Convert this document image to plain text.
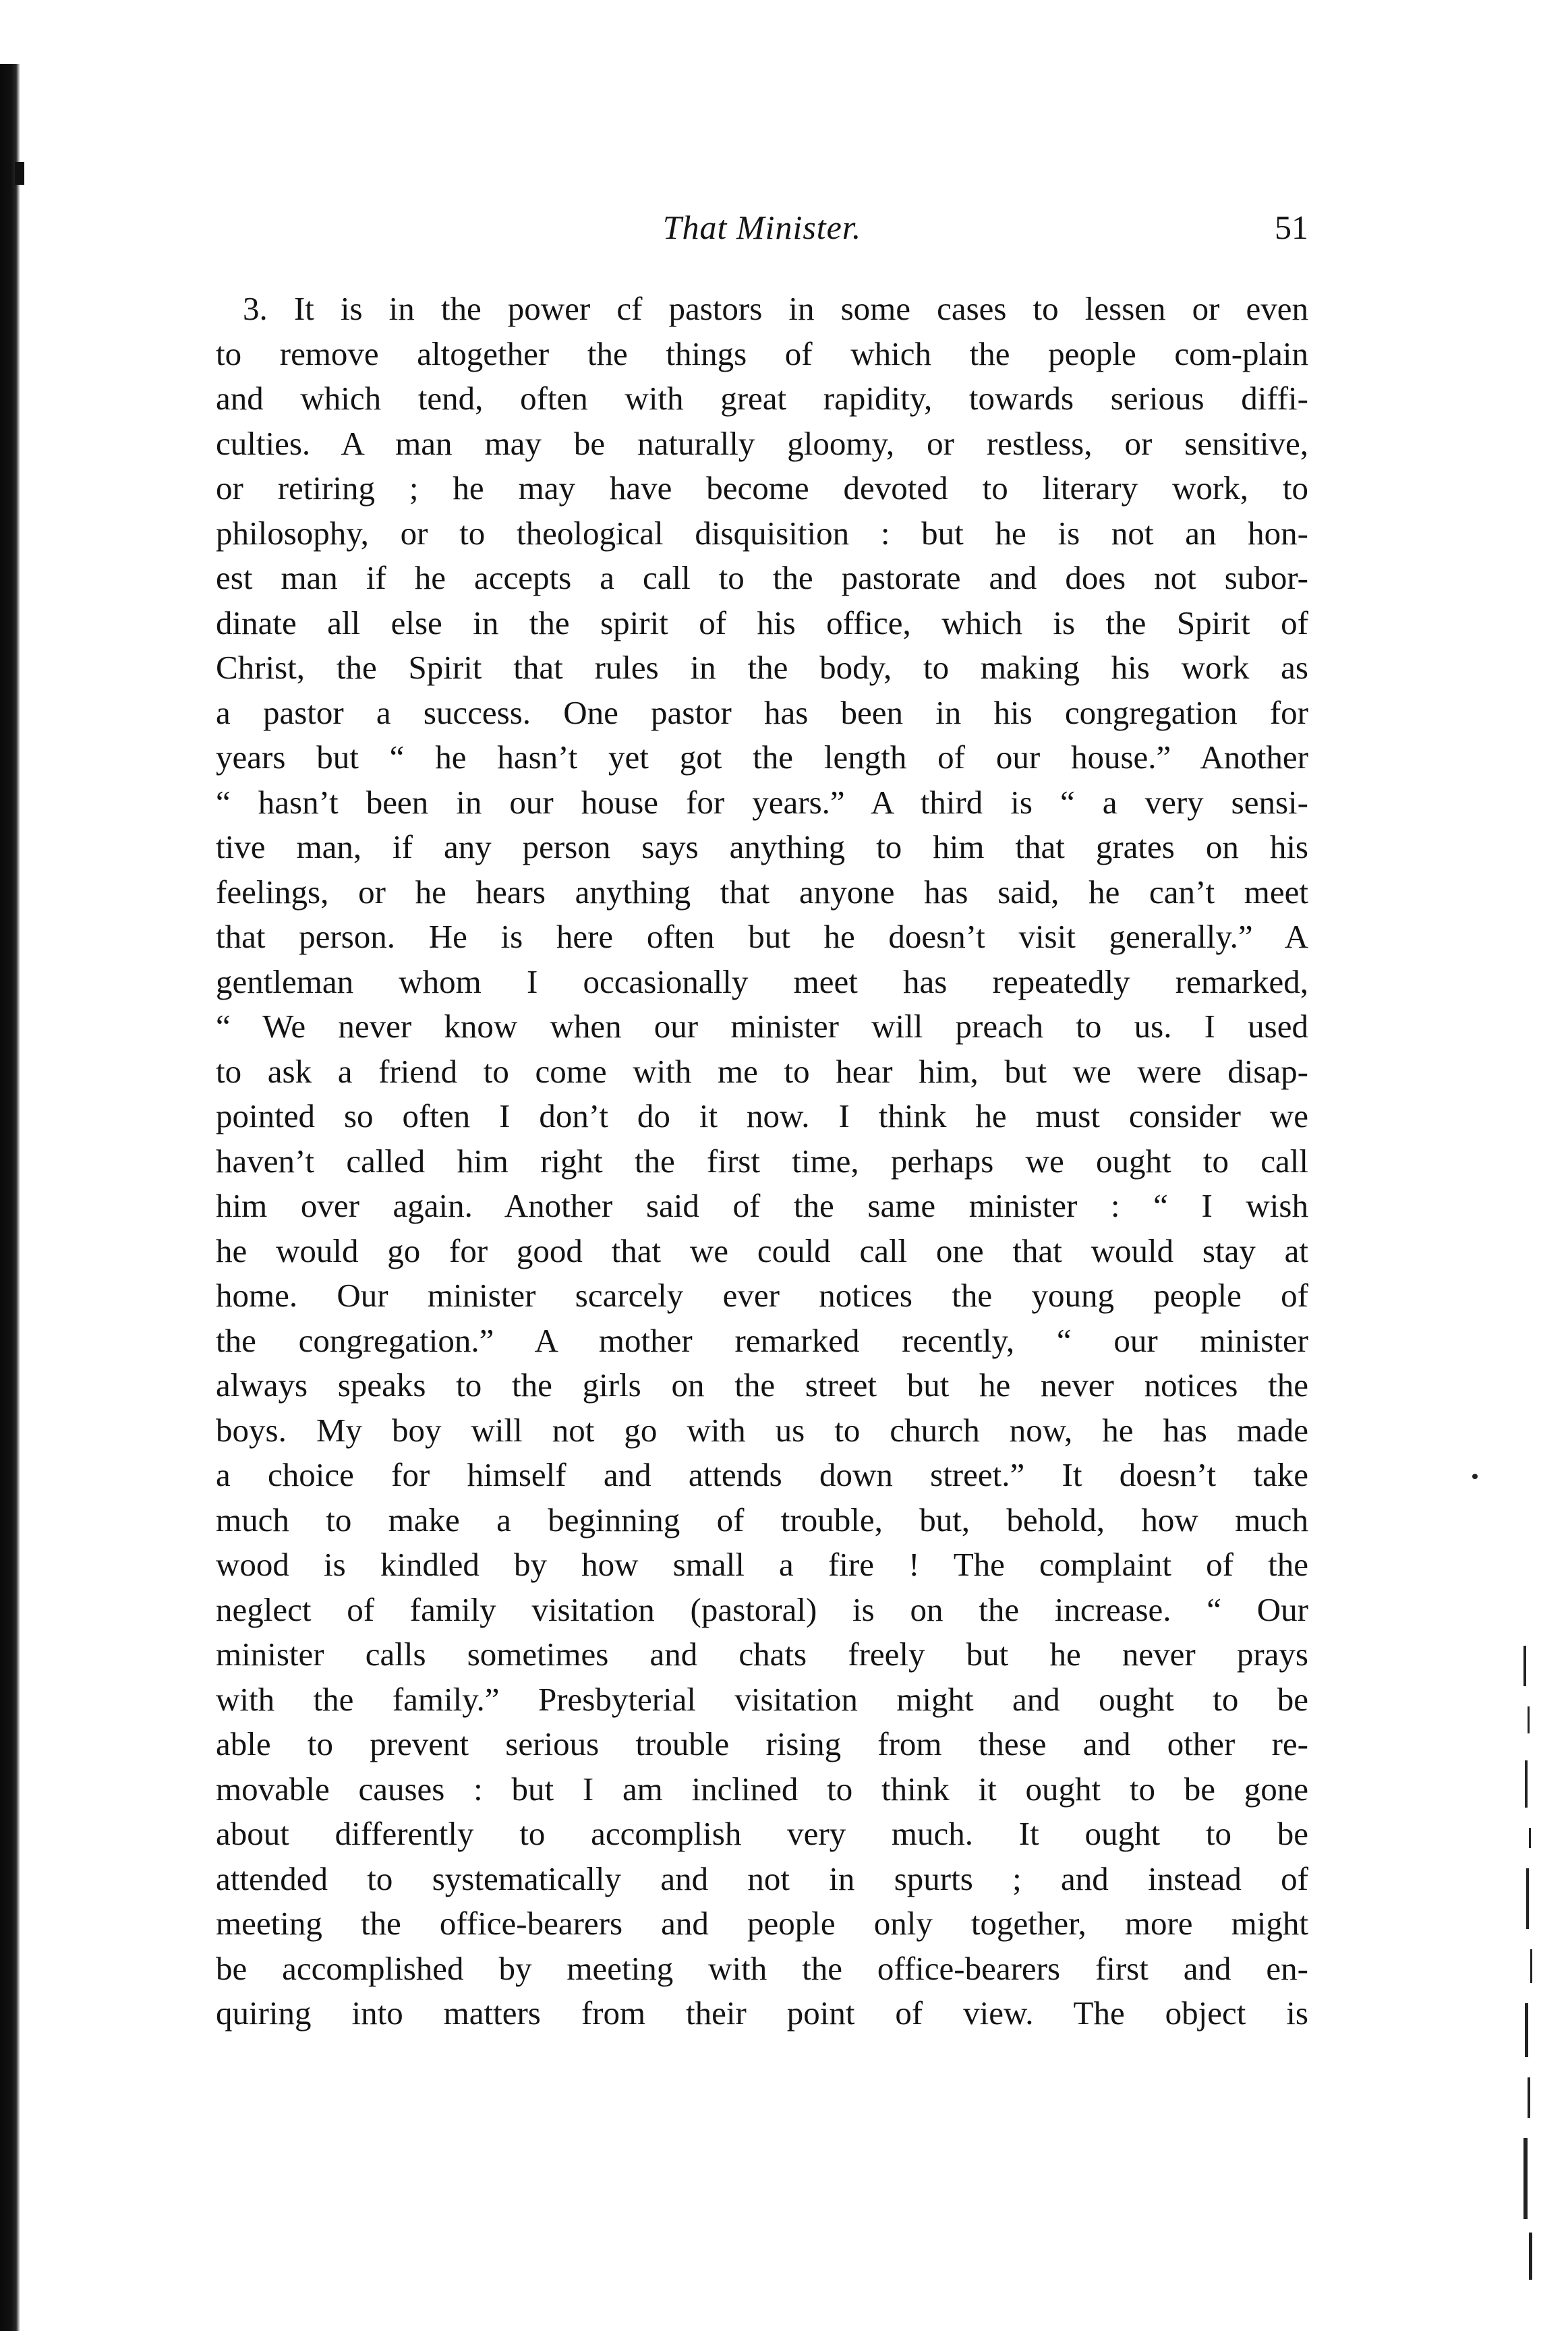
That Minister.	51
3. It is in the power cf pastors in some cases to lessen or even
to remove altogether the things of which the people com-plain
and which tend, often with great rapidity, towards serious diffi-
culties. A man may be naturally gloomy, or restless, or sensitive,
or retiring ; he may have become devoted to literary work, to
philosophy, or to theological disquisition : but he is not an hon-
est man if he accepts a call to the pastorate and does not subor-
dinate all else in the spirit of his office, which is the Spirit of
Christ, the Spirit that rules in the body, to making his work as
a pastor a success. One pastor has been in his congregation for
years but “ he hasn’t yet got the length of our house.” Another
“ hasn’t been in our house for years.” A third is “ a very sensi-
tive man, if any person says anything to him that grates on his
feelings, or he hears anything that anyone has said, he can’t meet
that person. He is here often but he doesn’t visit generally.” A
gentleman whom I occasionally meet has repeatedly remarked,
“ We never know when our minister will preach to us. I used
to ask a friend to come with me to hear him, but we were disap-
pointed so often I don’t do it now. I think he must consider we
haven’t called him right the first time, perhaps we ought to call
him over again. Another said of the same minister : “ I wish
he would go for good that we could call one that would stay at
home. Our minister scarcely ever notices the young people of
the congregation.” A mother remarked recently, “ our minister
always speaks to the girls on the street but he never notices the
boys. My boy will not go with us to church now, he has made
a choice for himself and attends down street.” It doesn’t take
much to make a beginning of trouble, but, behold, how much
wood is kindled by how small a fire ! The complaint of the
neglect of family visitation (pastoral) is on the increase. “ Our
minister calls sometimes and chats freely but he never prays
with the family.” Presbyterial visitation might and ought to be
able to prevent serious trouble rising from these and other re-
movable causes : but I am inclined to think it ought to be gone
about differently to accomplish very much. It ought to be
attended to systematically and not in spurts ; and instead of
meeting the office-bearers and people only together, more might
be accomplished by meeting with the office-bearers first and en-
quiring into matters from their point of view. The object is
